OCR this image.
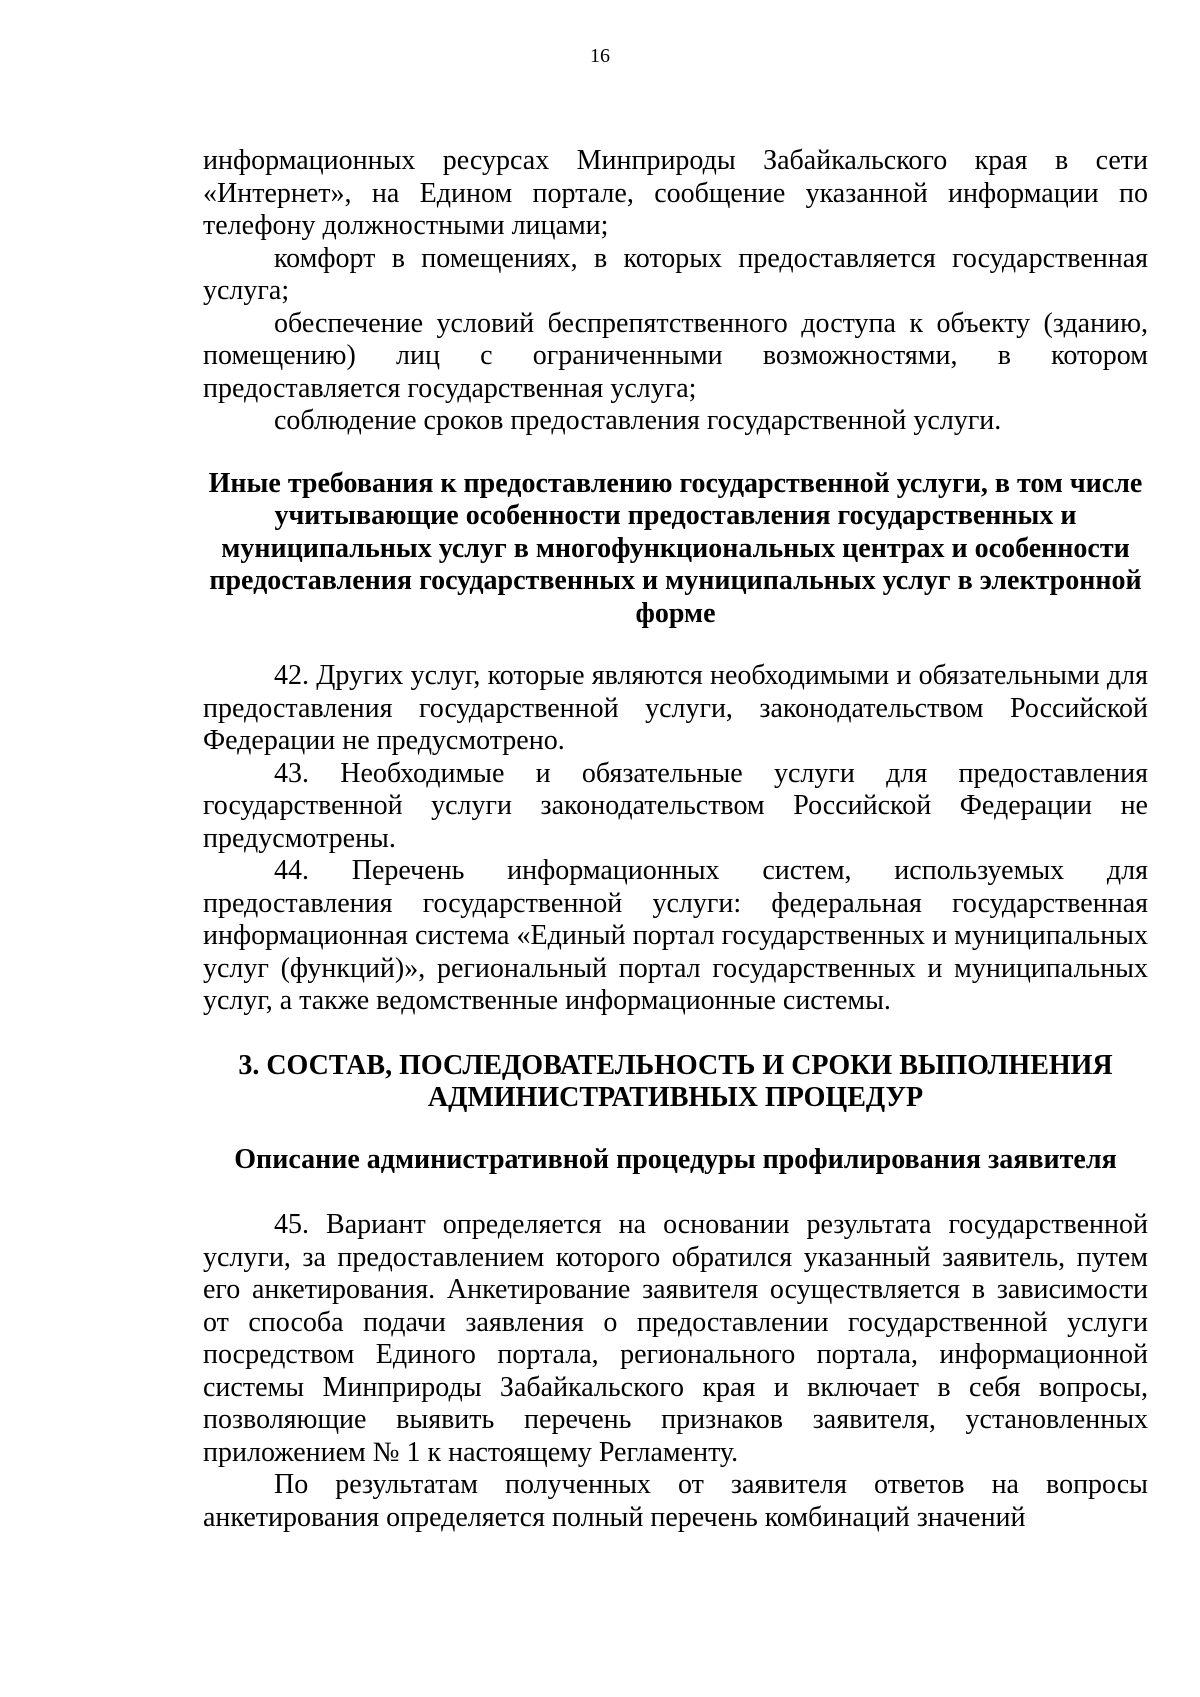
16

информационных ресурсах Минприроды Забайкальского края в сети «Интернет», на Едином портале, сообщение указанной информации по телефону должностными лицами;

комфорт в помещениях, в которых предоставляется государственная услуга;

обеспечение условий беспрепятственного доступа к объекту (зданию, помещению) лиц с ограниченными возможностями, в котором предоставляется государственная услуга;

соблюдение сроков предоставления государственной услуги.

Иные требования к предоставлению государственной услуги, в том числе учитывающие особенности предоставления государственных и муниципальных услуг в многофункциональных центрах и особенности предоставления государственных и муниципальных услуг в электронной форме

42. Других услуг, которые являются необходимыми и обязательными для предоставления государственной услуги, законодательством Российской Федерации не предусмотрено.

43. Необходимые и обязательные услуги для предоставления государственной услуги законодательством Российской Федерации не предусмотрены.

44. Перечень информационных систем, используемых для предоставления государственной услуги: федеральная государственная информационная система «Единый портал государственных и муниципальных услуг (функций)», региональный портал государственных и муниципальных услуг, а также ведомственные информационные системы.

3. СОСТАВ, ПОСЛЕДОВАТЕЛЬНОСТЬ И СРОКИ ВЫПОЛНЕНИЯ АДМИНИСТРАТИВНЫХ ПРОЦЕДУР

Описание административной процедуры профилирования заявителя

45. Вариант определяется на основании результата государственной услуги, за предоставлением которого обратился указанный заявитель, путем его анкетирования. Анкетирование заявителя осуществляется в зависимости от способа подачи заявления о предоставлении государственной услуги посредством Единого портала, регионального портала, информационной системы Минприроды Забайкальского края и включает в себя вопросы, позволяющие выявить перечень признаков заявителя, установленных приложением № 1 к настоящему Регламенту.

По результатам полученных от заявителя ответов на вопросы анкетирования определяется полный перечень комбинаций значений
